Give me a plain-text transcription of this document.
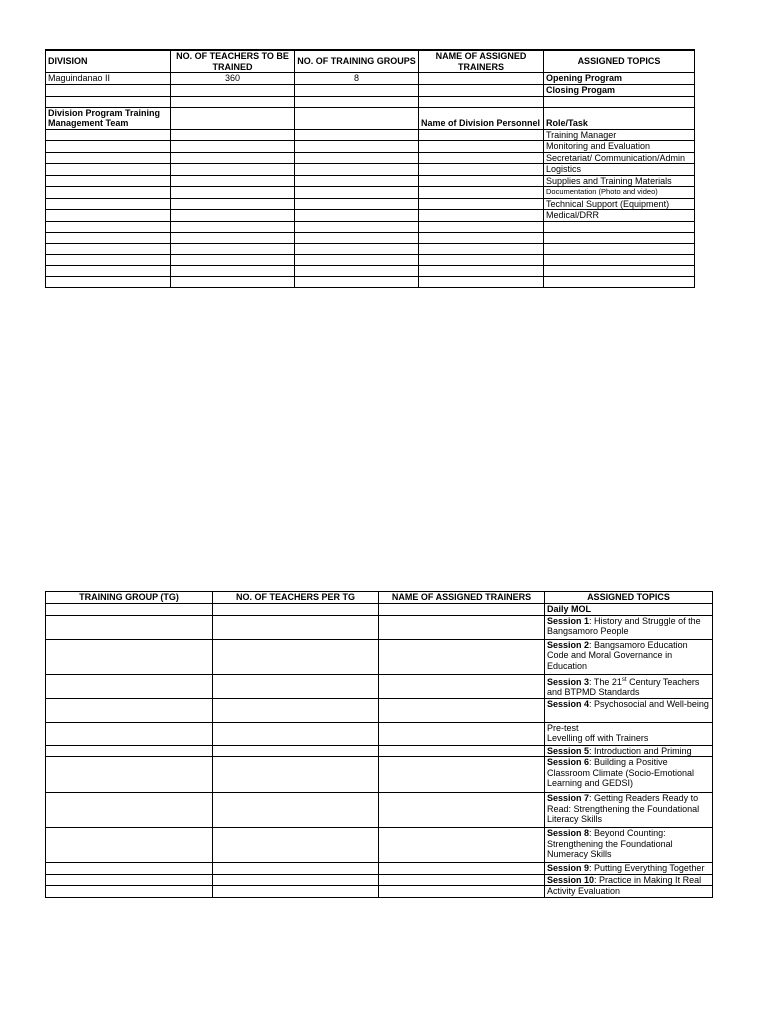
DIVISION	NO. OF TEACHERS TO BE TRAINED	NO. OF TRAINING GROUPS	NAME OF ASSIGNED TRAINERS	ASSIGNED TOPICS
Maguindanao II	360	8		Opening Program
				Closing Progam

Division Program Training Management Team			Name of Division Personnel	Role/Task
				Training Manager
				Monitoring and Evaluation
				Secretariat/ Communication/Admin
				Logistics
				Supplies and Training Materials
				Documentation (Photo and video)
				Technical Support (Equipment)
				Medical/DRR

TRAINING GROUP (TG)	NO. OF TEACHERS PER TG	NAME OF ASSIGNED TRAINERS	ASSIGNED TOPICS
			Daily MOL
			Session 1: History and Struggle of the Bangsamoro People
			Session 2: Bangsamoro Education Code and Moral Governance in Education
			Session 3: The 21st Century Teachers and BTPMD Standards
			Session 4: Psychosocial and Well-being
			Pre-test
Levelling off with Trainers
			Session 5: Introduction and Priming
			Session 6: Building a Positive Classroom Climate (Socio-Emotional Learning and GEDSI)
			Session 7: Getting Readers Ready to Read: Strengthening the Foundational Literacy Skills
			Session 8: Beyond Counting: Strengthening the Foundational Numeracy Skills
			Session 9: Putting Everything Together
			Session 10: Practice in Making It Real
			Activity Evaluation
